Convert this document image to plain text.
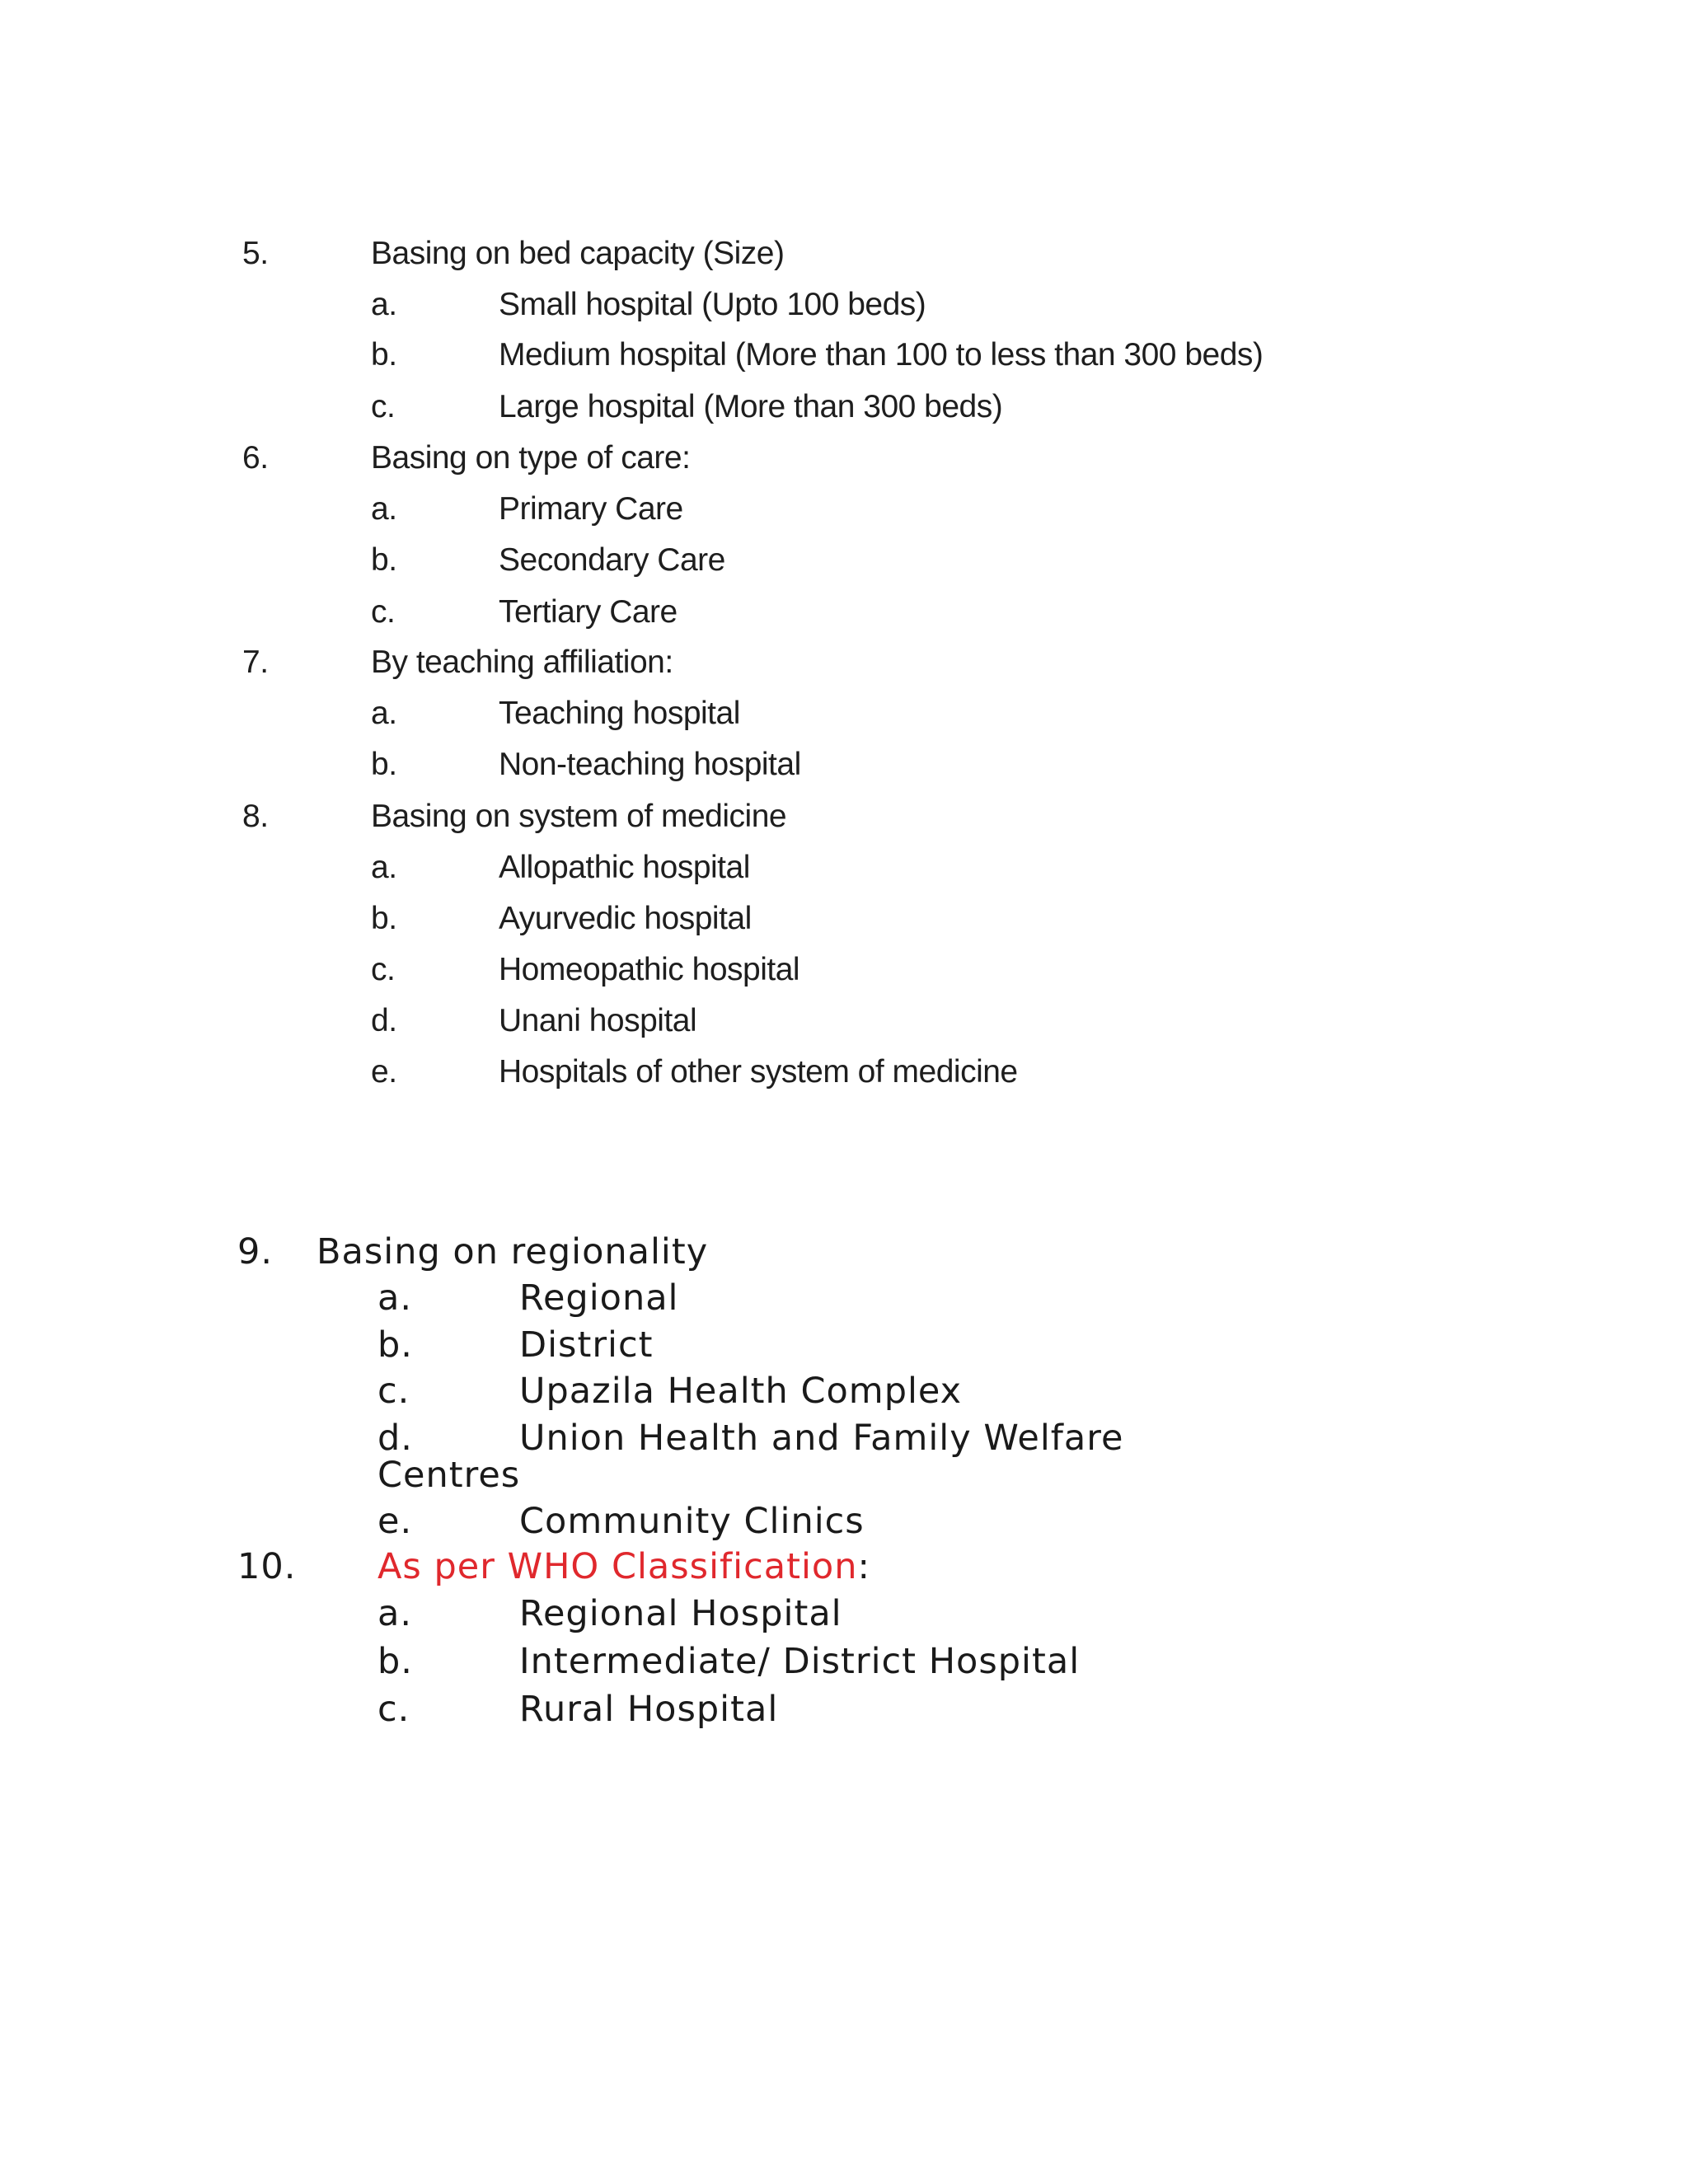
5.	Basing on bed capacity (Size)
a.	Small hospital (Upto 100 beds)
b.	Medium hospital (More than 100 to less than 300 beds)
c.	Large hospital (More than 300 beds)
6.	Basing on type of care:
a.	Primary Care
b.	Secondary Care
c.	Tertiary Care
7.	By teaching affiliation:
a.	Teaching hospital
b.	Non-teaching hospital
8.	Basing on system of medicine
a.	Allopathic hospital
b.	Ayurvedic hospital
c.	Homeopathic hospital
d.	Unani hospital
e.	Hospitals of other system of medicine
9. Basing on regionality
a.	Regional
b.	District
c.	Upazila Health Complex
d.	Union Health and Family Welfare
Centres
e.	Community Clinics
10. As per WHO Classification:
a.	Regional Hospital
b.	Intermediate/ District Hospital
c.	Rural Hospital
